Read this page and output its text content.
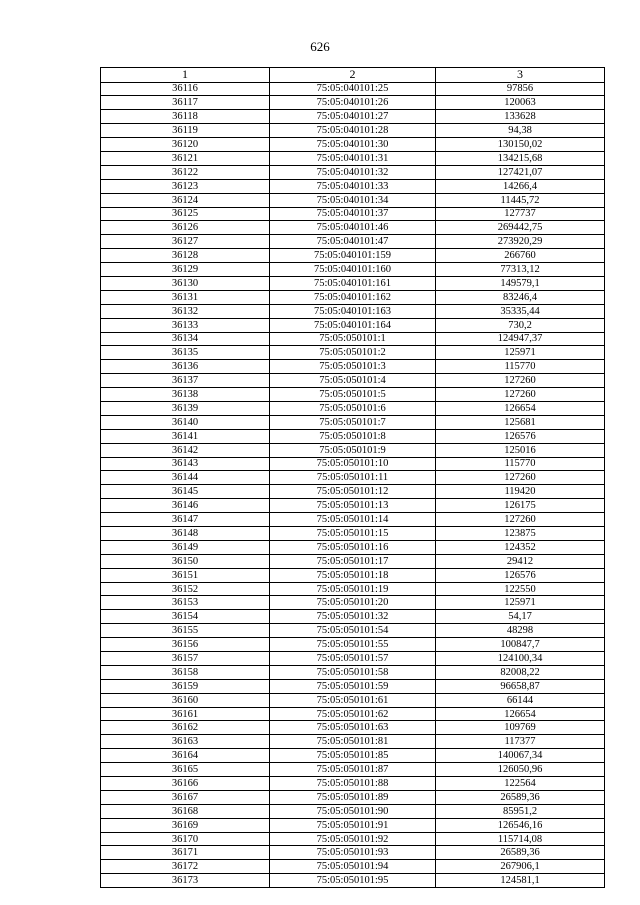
626
1	2	3
36116	75:05:040101:25	97856
36117	75:05:040101:26	120063
36118	75:05:040101:27	133628
36119	75:05:040101:28	94,38
36120	75:05:040101:30	130150,02
36121	75:05:040101:31	134215,68
36122	75:05:040101:32	127421,07
36123	75:05:040101:33	14266,4
36124	75:05:040101:34	11445,72
36125	75:05:040101:37	127737
36126	75:05:040101:46	269442,75
36127	75:05:040101:47	273920,29
36128	75:05:040101:159	266760
36129	75:05:040101:160	77313,12
36130	75:05:040101:161	149579,1
36131	75:05:040101:162	83246,4
36132	75:05:040101:163	35335,44
36133	75:05:040101:164	730,2
36134	75:05:050101:1	124947,37
36135	75:05:050101:2	125971
36136	75:05:050101:3	115770
36137	75:05:050101:4	127260
36138	75:05:050101:5	127260
36139	75:05:050101:6	126654
36140	75:05:050101:7	125681
36141	75:05:050101:8	126576
36142	75:05:050101:9	125016
36143	75:05:050101:10	115770
36144	75:05:050101:11	127260
36145	75:05:050101:12	119420
36146	75:05:050101:13	126175
36147	75:05:050101:14	127260
36148	75:05:050101:15	123875
36149	75:05:050101:16	124352
36150	75:05:050101:17	29412
36151	75:05:050101:18	126576
36152	75:05:050101:19	122550
36153	75:05:050101:20	125971
36154	75:05:050101:32	54,17
36155	75:05:050101:54	48298
36156	75:05:050101:55	100847,7
36157	75:05:050101:57	124100,34
36158	75:05:050101:58	82008,22
36159	75:05:050101:59	96658,87
36160	75:05:050101:61	66144
36161	75:05:050101:62	126654
36162	75:05:050101:63	109769
36163	75:05:050101:81	117377
36164	75:05:050101:85	140067,34
36165	75:05:050101:87	126050,96
36166	75:05:050101:88	122564
36167	75:05:050101:89	26589,36
36168	75:05:050101:90	85951,2
36169	75:05:050101:91	126546,16
36170	75:05:050101:92	115714,08
36171	75:05:050101:93	26589,36
36172	75:05:050101:94	267906,1
36173	75:05:050101:95	124581,1
